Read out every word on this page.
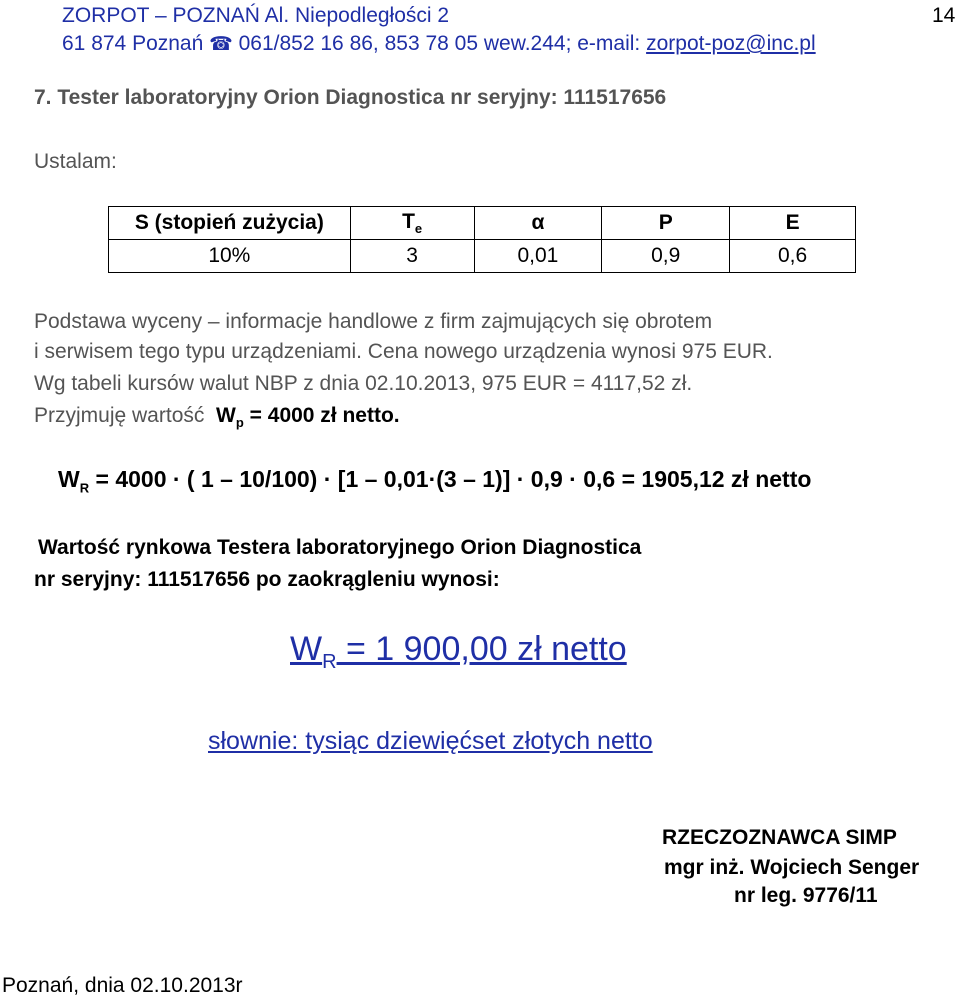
ZORPOT – POZNAŃ Al. Niepodległości 2	14
61 874 Poznań ☎ 061/852 16 86, 853 78 05 wew.244; e-mail: zorpot-poz@inc.pl
7. Tester laboratoryjny Orion Diagnostica nr seryjny: 111517656
Ustalam:
S (stopień zużycia)	$T_e$	α	P	E
10%	3	0,01	0,9	0,6
Podstawa wyceny – informacje handlowe z firm zajmujących się obrotem
i serwisem tego typu urządzeniami. Cena nowego urządzenia wynosi 975 EUR.
Wg tabeli kursów walut NBP z dnia 02.10.2013, 975 EUR = 4117,52 zł.
Przyjmuję wartość $W_p = 4000$ zł netto.
$W_R = 4000$ · ( 1 – 10/100) · [1 – 0,01·(3 – 1)] · 0,9 · 0,6 = 1905,12 zł netto
Wartość rynkowa Testera laboratoryjnego Orion Diagnostica
nr seryjny: 111517656 po zaokrągleniu wynosi:
$W_R = 1$ 900,00 zł netto
słownie: tysiąc dziewięćset złotych netto
RZECZOZNAWCA SIMP
mgr inż. Wojciech Senger
nr leg. 9776/11
Poznań, dnia 02.10.2013r
